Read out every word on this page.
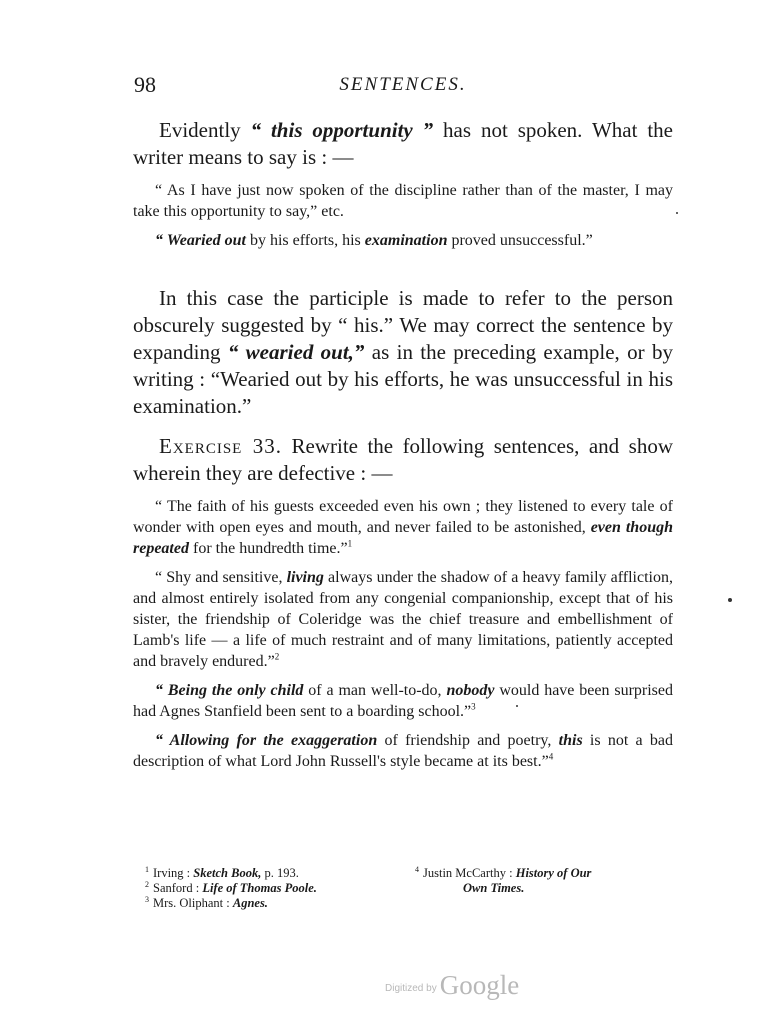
98	SENTENCES.

Evidently “ this opportunity ” has not spoken. What the writer means to say is : —

“ As I have just now spoken of the discipline rather than of the master, I may take this opportunity to say,” etc.

“ Wearied out by his efforts, his examination proved unsuccessful.”

In this case the participle is made to refer to the person obscurely suggested by “ his.” We may correct the sentence by expanding “ wearied out,” as in the preceding example, or by writing : “Wearied out by his efforts, he was unsuccessful in his examination.”

Exercise 33. Rewrite the following sentences, and show wherein they are defective : —

“ The faith of his guests exceeded even his own ; they listened to every tale of wonder with open eyes and mouth, and never failed to be astonished, even though repeated for the hundredth time.”$^1$

“ Shy and sensitive, living always under the shadow of a heavy family affliction, and almost entirely isolated from any congenial companionship, except that of his sister, the friendship of Coleridge was the chief treasure and embellishment of Lamb's life — a life of much restraint and of many limitations, patiently accepted and bravely endured.”$^2$

“ Being the only child of a man well-to-do, nobody would have been surprised had Agnes Stanfield been sent to a boarding school.”$^3$

“ Allowing for the exaggeration of friendship and poetry, this is not a bad description of what Lord John Russell's style became at its best.”$^4$

$^1$ Irving : Sketch Book, p. 193.
$^2$ Sanford : Life of Thomas Poole.
$^3$ Mrs. Oliphant : Agnes.
$^4$ Justin McCarthy : History of Our
Own Times.
Digitized by Google
